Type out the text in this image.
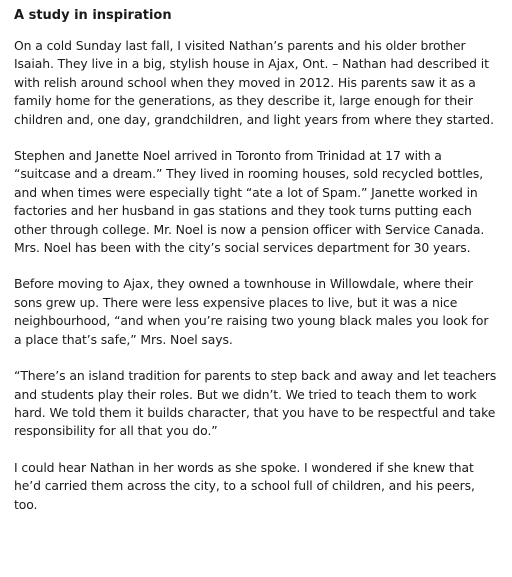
A study in inspiration

On a cold Sunday last fall, I visited Nathan’s parents and his older brother Isaiah. They live in a big, stylish house in Ajax, Ont. – Nathan had described it with relish around school when they moved in 2012. His parents saw it as a family home for the generations, as they describe it, large enough for their children and, one day, grandchildren, and light years from where they started.

Stephen and Janette Noel arrived in Toronto from Trinidad at 17 with a “suitcase and a dream.” They lived in rooming houses, sold recycled bottles, and when times were especially tight “ate a lot of Spam.” Janette worked in factories and her husband in gas stations and they took turns putting each other through college. Mr. Noel is now a pension officer with Service Canada. Mrs. Noel has been with the city’s social services department for 30 years.

Before moving to Ajax, they owned a townhouse in Willowdale, where their sons grew up. There were less expensive places to live, but it was a nice neighbourhood, “and when you’re raising two young black males you look for a place that’s safe,” Mrs. Noel says.

“There’s an island tradition for parents to step back and away and let teachers and students play their roles. But we didn’t. We tried to teach them to work hard. We told them it builds character, that you have to be respectful and take responsibility for all that you do.”

I could hear Nathan in her words as she spoke. I wondered if she knew that he’d carried them across the city, to a school full of children, and his peers, too.
